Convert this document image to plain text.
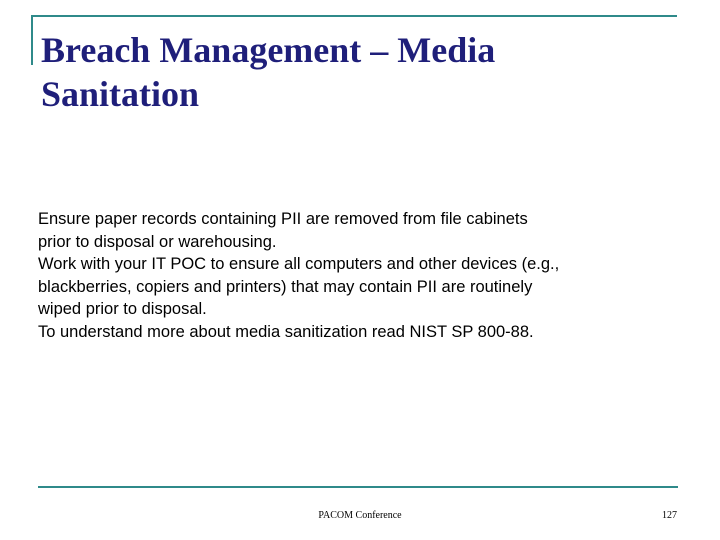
Breach Management – Media
Sanitation
Ensure paper records containing PII are removed from file cabinets
prior to disposal or warehousing.
Work with your IT POC to ensure all computers and other devices (e.g.,
blackberries, copiers and printers) that may contain PII are routinely
wiped prior to disposal.
To understand more about media sanitization read NIST SP 800-88.
PACOM Conference	127
